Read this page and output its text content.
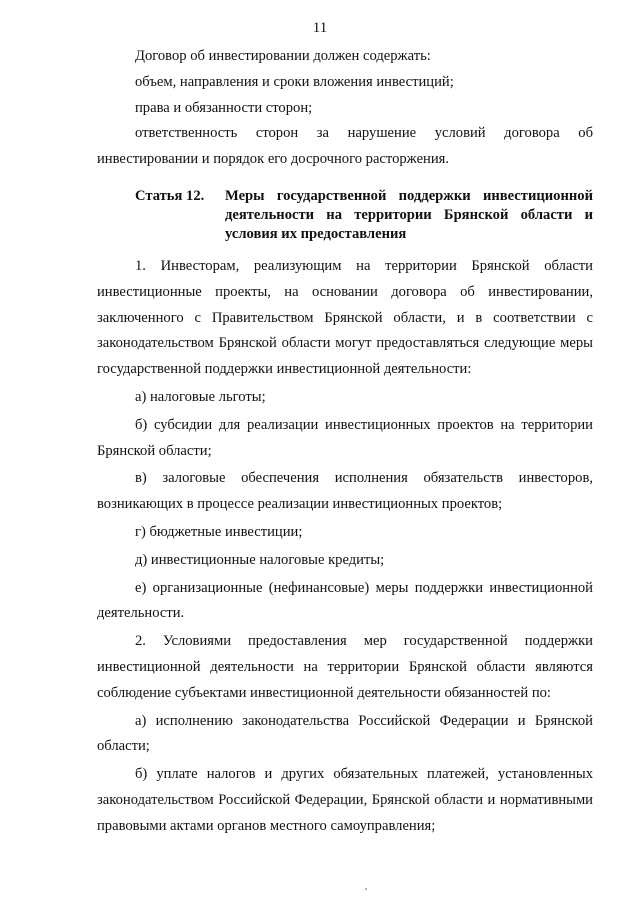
11

Договор об инвестировании должен содержать:

объем, направления и сроки вложения инвестиций;

права и обязанности сторон;

ответственность сторон за нарушение условий договора об инвестировании и порядок его досрочного расторжения.

Статья 12.	Меры государственной поддержки инвестиционной
деятельности на территории Брянской области и
условия их предоставления

1. Инвесторам, реализующим на территории Брянской области инвестиционные проекты, на основании договора об инвестировании, заключенного с Правительством Брянской области, и в соответствии с законодательством Брянской области могут предоставляться следующие меры государственной поддержки инвестиционной деятельности:

а) налоговые льготы;

б) субсидии для реализации инвестиционных проектов на территории Брянской области;

в) залоговые обеспечения исполнения обязательств инвесторов, возникающих в процессе реализации инвестиционных проектов;

г) бюджетные инвестиции;

д) инвестиционные налоговые кредиты;

е) организационные (нефинансовые) меры поддержки инвестиционной деятельности.

2. Условиями предоставления мер государственной поддержки инвестиционной деятельности на территории Брянской области являются соблюдение субъектами инвестиционной деятельности обязанностей по:

а) исполнению законодательства Российской Федерации и Брянской области;

б) уплате налогов и других обязательных платежей, установленных законодательством Российской Федерации, Брянской области и нормативными правовыми актами органов местного самоуправления;
